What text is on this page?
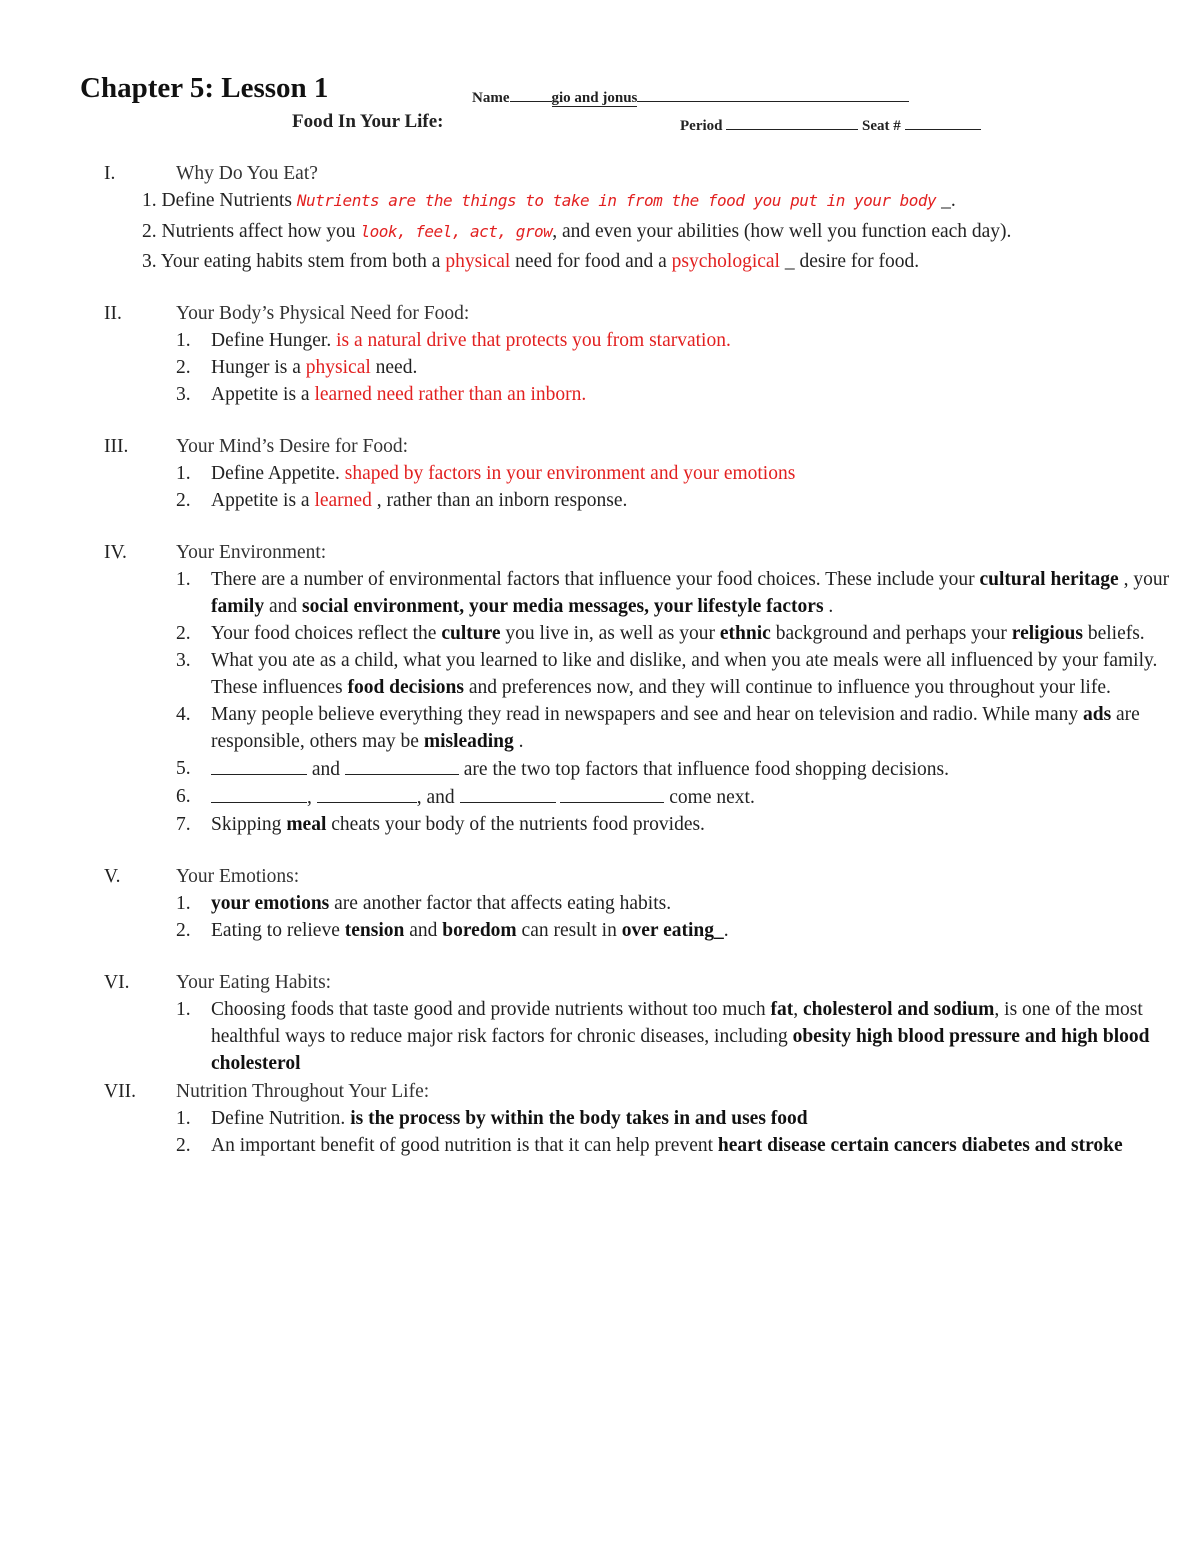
Chapter 5: Lesson 1	Name	gio and jonus
Food In Your Life:	Period	Seat #
I.	Why Do You Eat?
1. Define Nutrients Nutrients are the things to take in from the food you put in your body _.
2. Nutrients affect how you look, feel, act, grow, and even your abilities (how well you function each day).
3. Your eating habits stem from both a physical need for food and a psychological _ desire for food.
II.	Your Body’s Physical Need for Food:
1. Define Hunger. is a natural drive that protects you from starvation.
2. Hunger is a physical need.
3. Appetite is a learned need rather than an inborn.
III. Your Mind’s Desire for Food:
1. Define Appetite. shaped by factors in your environment and your emotions
2. Appetite is a learned , rather than an inborn response.
IV.	Your Environment:
1. There are a number of environmental factors that influence your food choices. These include your cultural heritage , your family and social environment, your media messages, your lifestyle factors .
2. Your food choices reflect the culture you live in, as well as your ethnic background and perhaps your religious beliefs.
3. What you ate as a child, what you learned to like and dislike, and when you ate meals were all influenced by your family. These influences food decisions and preferences now, and they will continue to influence you throughout your life.
4. Many people believe everything they read in newspapers and see and hear on television and radio. While many ads are responsible, others may be misleading .
5.	and	are the two top factors that influence food shopping decisions.
6.	,	, and	come next.
7. Skipping meal cheats your body of the nutrients food provides.
V.	Your Emotions:
1. your emotions are another factor that affects eating habits.
2. Eating to relieve tension and boredom can result in over eating_.
VI. Your Eating Habits:
1. Choosing foods that taste good and provide nutrients without too much fat, cholesterol and sodium, is one of the most healthful ways to reduce major risk factors for chronic diseases, including obesity high blood pressure and high blood cholesterol
VII. Nutrition Throughout Your Life:
1. Define Nutrition. is the process by within the body takes in and uses food
2. An important benefit of good nutrition is that it can help prevent heart disease certain cancers diabetes and stroke
